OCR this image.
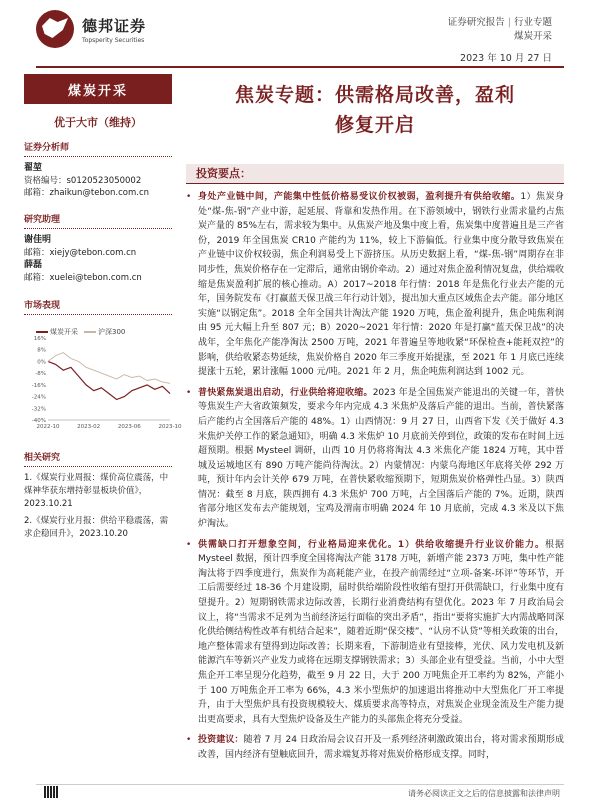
德邦证券
Topsperity Securities
证券研究报告 | 行业专题
煤炭开采
2023 年 10 月 27 日
煤炭开采
优于大市（维持）
证券分析师
翟堃
资格编号：s0120523050002
邮箱：zhaikun@tebon.com.cn
研究助理
谢佳明
邮箱：xiejy@tebon.com.cn
薛磊
邮箱：xuelei@tebon.com.cn
市场表现
煤炭开采	沪深300
16%
8%
0%
-8%
-16%
-24%
-32%
-40%
2022-10	2023-02	2023-06	2023-10
相关研究
1.《煤炭行业周报：煤价高位震荡，中煤神华获东增持彰显板块价值》，2023.10.21
2.《煤炭行业月报：供给平稳震荡，需求企稳回升》，2023.10.20
焦炭专题：供需格局改善，盈利
修复开启
投资要点：
• 身处产业链中间，产能集中性低价格易受议价权被弱，盈利提升有供给收缩。1）焦炭身处“煤-焦-钢”产业中游，起延展、背靠和发热作用。在下游领域中，钢铁行业需求量约占焦炭产量的 85%左右，需求较为集中。从焦炭产地及集中度上看，焦炭集中度普遍且是三产省份，2019 年全国焦炭 CR10 产能约为 11%，较上下游偏低。行业集中度分散导致焦炭在产业链中议价权较弱，焦企利润易受上下游挤压。从历史数据上看，“煤-焦-钢”周期存在非同步性，焦炭价格存在一定滞后，通常由钢价牵动。2）通过对焦企盈利情况复盘，供给端收缩是焦炭盈利扩展的核心推动。A）2017~2018 年行情：2018 年是焦化行业去产能的元年，国务院发布《打赢蓝天保卫战三年行动计划》，提出加大重点区域焦企去产能。部分地区实施“以钢定焦”。2018 全年全国共计淘汰产能 1920 万吨，焦企盈利提升，焦企吨焦利润由 95 元大幅上升至 807 元；B）2020~2021 年行情：2020 年是打赢“蓝天保卫战”的决战年，全年焦化产能净淘汰 2500 万吨，2021 年普遍呈等地收紧“环保检查+能耗双控”的影响，供给收紧态势延续，焦炭价格自 2020 年三季度开始提涨，至 2021 年 1 月底已连续提涨十五轮，累计涨幅 1000 元/吨。2021 年 2 月，焦企吨焦利润达到 1002 元。
• 普快紧焦炭退出启动，行业供给将迎收缩。2023 年是全国焦炭产能退出的关键一年，普快等焦炭生产大省政策频发，要求今年内完成 4.3 米焦炉及落后产能的退出。当前，普快紧落后产能约占全国落后产能的 48%。1）山西情况：9 月 27 日，山西省下发《关于做好 4.3 米焦炉关停工作的紧急通知》，明确 4.3 米焦炉 10 月底前关停到位，政策的发布在时间上远超预期。根据 Mysteel 调研，山西 10 月仍将将淘汰 4.3 米焦化产能 1824 万吨，其中晋城及运城地区有 890 万吨产能尚待淘汰。2）内蒙情况：内蒙乌海地区年底将关停 292 万吨，预计年内会计关停 679 万吨，在普快紧收缩预期下，短期焦炭价格弹性凸显。3）陕西情况：截至 8 月底，陕西拥有 4.3 米焦炉 700 万吨，占全国落后产能的 7%。近期，陕西省部分地区发布去产能规划，宝鸡及渭南市明确 2024 年 10 月底前，完成 4.3 米及以下焦炉淘汰。
• 供需缺口打开想象空间，行业格局迎来优化。1）供给收缩提升行业议价能力。根据 Mysteel 数据，预计四季度全国将淘汰产能 3178 万吨，新增产能 2373 万吨，集中性产能淘汰将于四季度进行，焦炭作为高耗能产业，在投产前需经过“立项-备案-环评”等环节，开工后需要经过 18-36 个月建设期，届时供给端阶段性收缩有望打开供需缺口，行业集中度有望提升。2）短期钢铁需求边际改善，长期行业消费结构有望优化。2023 年 7 月政治局会议上，将“当需求不足列为当前经济运行面临的突出矛盾”，指出“要将实施扩大内需战略同深化供给侧结构性改革有机结合起来”，随着近期“保交楼”、“认房不认贷”等相关政策的出台，地产整体需求有望得到边际改善；长期来看，下游制造业有望接棒，光伏、风力发电机及新能源汽车等新兴产业发力或将在远期支撑钢铁需求；3）头部企业有望受益。当前，小中大型焦企开工率呈现分化趋势，截至 9 月 22 日，大于 200 万吨焦企开工率约为 82%，产能小于 100 万吨焦企开工率为 66%，4.3 米小型焦炉的加速退出将推动中大型焦化厂开工率提升，由于大型焦炉具有投资规模较大、煤质要求高等特点，对焦炭企业现金流及生产能力提出更高要求，具有大型焦炉设备及生产能力的头部焦企将充分受益。
• 投资建议：随着 7 月 24 日政治局会议召开及一系列经济刺激政策出台，将对需求预期形成改善，国内经济有望触底回升，需求端复苏将对焦炭价格形成支撑。同时，
请务必阅读正文之后的信息披露和法律声明
